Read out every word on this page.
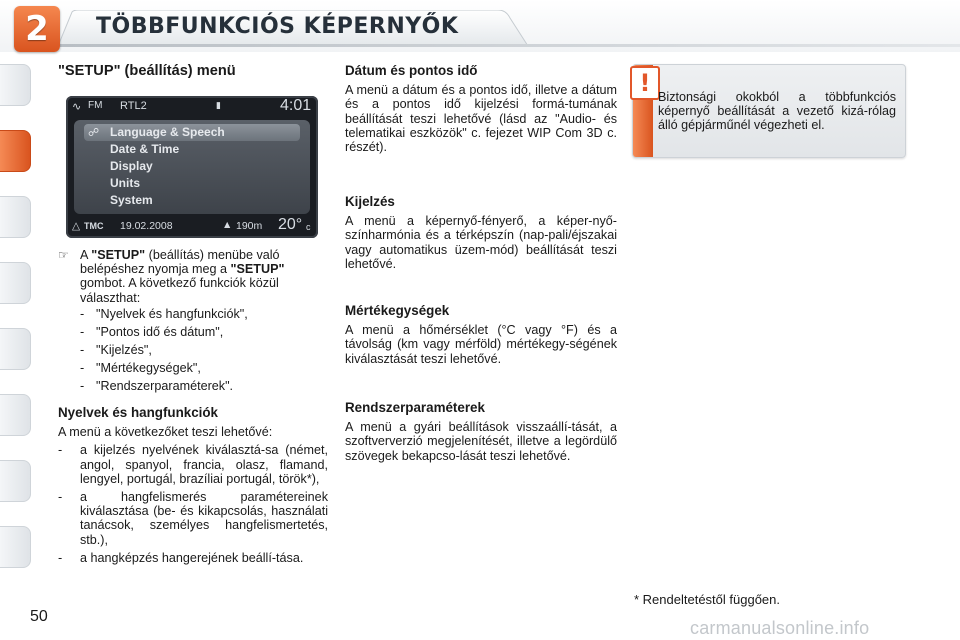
2	TÖBBFUNKCIÓS KÉPERNYŐK
"SETUP" (beállítás) menü
∿ FM RTL2	▮	4:01
☍ Language & Speech
Date & Time
Display
Units
System
△ TMC 19.02.2008	▲ 190m 20° c
☞ A "SETUP" (beállítás) menübe való
belépéshez nyomja meg a "SETUP"
gombot. A következő funkciók közül
választhat:
- "Nyelvek és hangfunkciók",
- "Pontos idő és dátum",
- "Kijelzés",
- "Mértékegységek",
- "Rendszerparaméterek".
Nyelvek és hangfunkciók

A menü a következőket teszi lehetővé:

- a kijelzés nyelvének kiválasztá-sa (német, angol, spanyol, francia, olasz, flamand, lengyel, portugál, brazíliai portugál, török*),
- a hangfelismerés paramétereinek kiválasztása (be- és kikapcsolás, használati tanácsok, személyes hangfelismertetés, stb.),
- a hangképzés hangerejének beállí-tása.
Dátum és pontos idő

A menü a dátum és a pontos idő, illetve a dátum és a pontos idő kijelzési formá-tumának beállítását teszi lehetővé (lásd az "Audio- és telematikai eszközök" c. fejezet WIP Com 3D c. részét).

Kijelzés

A menü a képernyő-fényerő, a képer-nyő-színharmónia és a térképszín (nap-pali/éjszakai vagy automatikus üzem-mód) beállítását teszi lehetővé.

Mértékegységek

A menü a hőmérséklet (°C vagy °F) és a távolság (km vagy mérföld) mértékegy-ségének kiválasztását teszi lehetővé.

Rendszerparaméterek

A menü a gyári beállítások visszaállí-tását, a szoftververzió megjelenítését, illetve a legördülő szövegek bekapcso-lását teszi lehetővé.

! Biztonsági okokból a többfunkciós képernyő beállítását a vezető kizá-rólag álló gépjárműnél végezheti el.
* Rendeltetéstől függően.
50
carmanualsonline.info
